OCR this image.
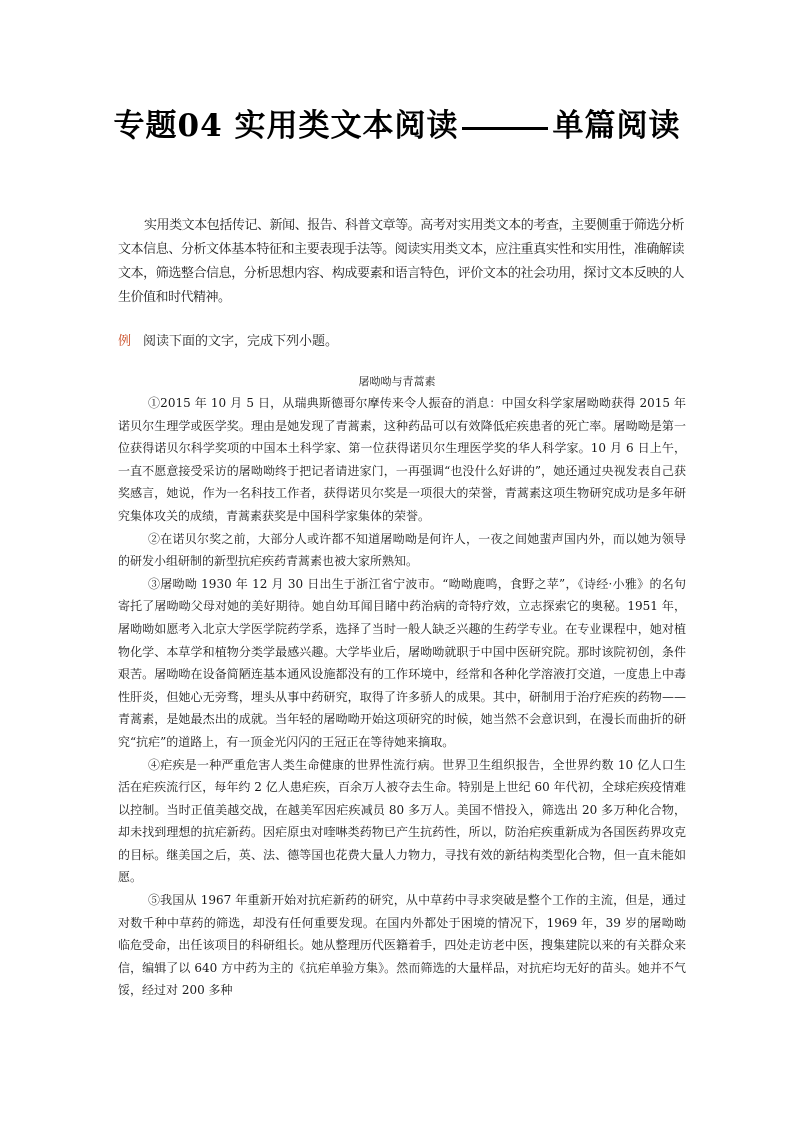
专题04 实用类文本阅读	单篇阅读
实用类文本包括传记、新闻、报告、科普文章等。高考对实用类文本的考查，主要侧重于筛选分析文本信息、分析文体基本特征和主要表现手法等。阅读实用类文本，应注重真实性和实用性，准确解读文本，筛选整合信息，分析思想内容、构成要素和语言特色，评价文本的社会功用，探讨文本反映的人生价值和时代精神。
例 阅读下面的文字，完成下列小题。
屠呦呦与青蒿素

①2015 年 10 月 5 日，从瑞典斯德哥尔摩传来令人振奋的消息：中国女科学家屠呦呦获得 2015 年诺贝尔生理学或医学奖。理由是她发现了青蒿素，这种药品可以有效降低疟疾患者的死亡率。屠呦呦是第一位获得诺贝尔科学奖项的中国本土科学家、第一位获得诺贝尔生理医学奖的华人科学家。10 月 6 日上午，一直不愿意接受采访的屠呦呦终于把记者请进家门，一再强调“也没什么好讲的”，她还通过央视发表自己获奖感言，她说，作为一名科技工作者，获得诺贝尔奖是一项很大的荣誉，青蒿素这项生物研究成功是多年研究集体攻关的成绩，青蒿素获奖是中国科学家集体的荣誉。

②在诺贝尔奖之前，大部分人或许都不知道屠呦呦是何许人，一夜之间她蜚声国内外，而以她为领导的研发小组研制的新型抗疟疾药青蒿素也被大家所熟知。

③屠呦呦 1930 年 12 月 30 日出生于浙江省宁波市。“呦呦鹿鸣，食野之苹”，《诗经·小雅》的名句寄托了屠呦呦父母对她的美好期待。她自幼耳闻目睹中药治病的奇特疗效，立志探索它的奥秘。1951 年，屠呦呦如愿考入北京大学医学院药学系，选择了当时一般人缺乏兴趣的生药学专业。在专业课程中，她对植物化学、本草学和植物分类学最感兴趣。大学毕业后，屠呦呦就职于中国中医研究院。那时该院初创，条件艰苦。屠呦呦在设备简陋连基本通风设施都没有的工作环境中，经常和各种化学溶液打交道，一度患上中毒性肝炎，但她心无旁骛，埋头从事中药研究，取得了许多骄人的成果。其中，研制用于治疗疟疾的药物——青蒿素，是她最杰出的成就。当年轻的屠呦呦开始这项研究的时候，她当然不会意识到，在漫长而曲折的研究“抗疟”的道路上，有一顶金光闪闪的王冠正在等待她来摘取。

④疟疾是一种严重危害人类生命健康的世界性流行病。世界卫生组织报告，全世界约数 10 亿人口生活在疟疾流行区，每年约 2 亿人患疟疾，百余万人被夺去生命。特别是上世纪 60 年代初，全球疟疾疫情难以控制。当时正值美越交战，在越美军因疟疾减员 80 多万人。美国不惜投入，筛选出 20 多万种化合物，却未找到理想的抗疟新药。因疟原虫对喹啉类药物已产生抗药性，所以，防治疟疾重新成为各国医药界攻克的目标。继美国之后，英、法、德等国也花费大量人力物力，寻找有效的新结构类型化合物，但一直未能如愿。

⑤我国从 1967 年重新开始对抗疟新药的研究，从中草药中寻求突破是整个工作的主流，但是，通过对数千种中草药的筛选，却没有任何重要发现。在国内外都处于困境的情况下，1969 年，39 岁的屠呦呦临危受命，出任该项目的科研组长。她从整理历代医籍着手，四处走访老中医，搜集建院以来的有关群众来信，编辑了以 640 方中药为主的《抗疟单验方集》。然而筛选的大量样品，对抗疟均无好的苗头。她并不气馁，经过对 200 多种
